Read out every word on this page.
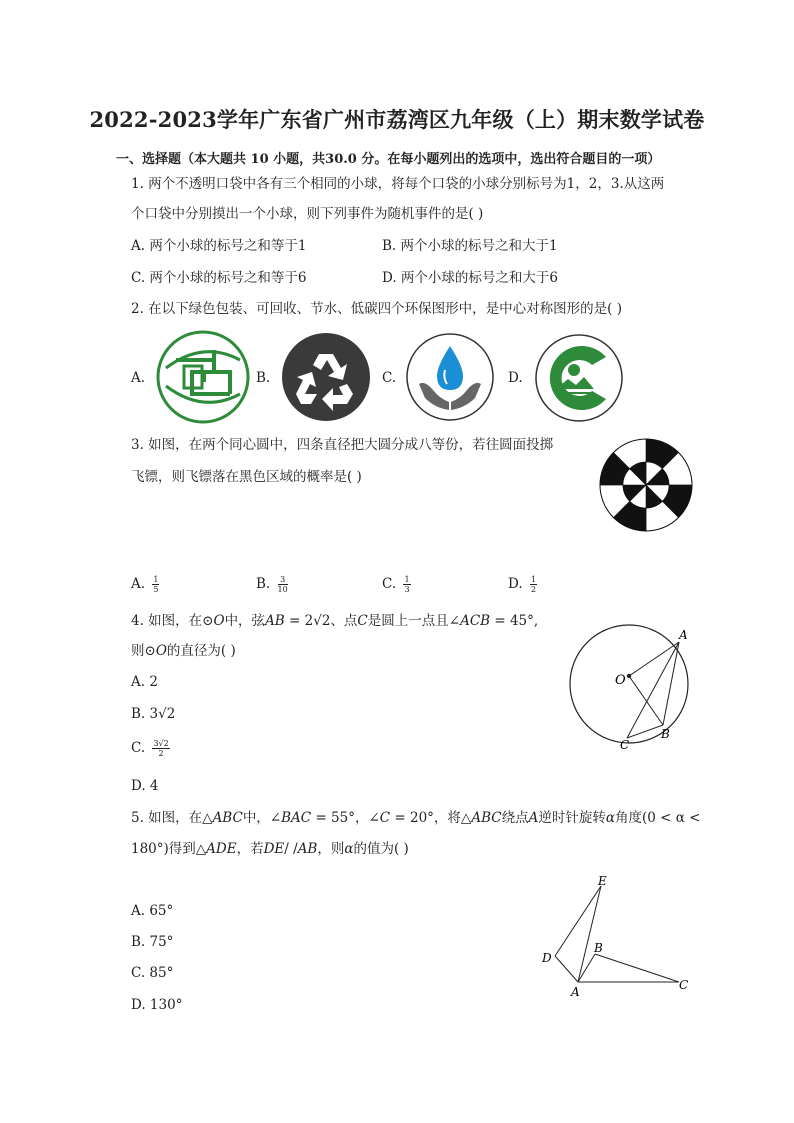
2022-2023学年广东省广州市荔湾区九年级（上）期末数学试卷
一、选择题（本大题共 10 小题，共30.0 分。在每小题列出的选项中，选出符合题目的一项）
1. 两个不透明口袋中各有三个相同的小球，将每个口袋的小球分别标号为1，2，3.从这两
个口袋中分别摸出一个小球，则下列事件为随机事件的是( )
A. 两个小球的标号之和等于1	B. 两个小球的标号之和大于1
C. 两个小球的标号之和等于6	D. 两个小球的标号之和大于6
2. 在以下绿色包装、可回收、节水、低碳四个环保图形中，是中心对称图形的是( )
A.	B.	C.	D.
3. 如图，在两个同心圆中，四条直径把大圆分成八等份，若往圆面投掷
飞镖，则飞镖落在黑色区域的概率是( )
A. $\frac{1}{5}$	B. $\frac{3}{10}$	C. $\frac{1}{3}$	D. $\frac{1}{2}$
4. 如图，在⊙O中，弦AB = 2√2、点C是圆上一点且∠ACB = 45°,
则⊙O的直径为( )
A. 2
B. 3√2
C. $\frac{3√2}{2}$
D. 4
O
A
B
C
5. 如图，在△ABC中，∠BAC = 55°，∠C = 20°，将△ABC绕点A逆时针旋转α角度(0 < α <
180°)得到△ADE，若DE/ /AB，则α的值为( )
A. 65°
B. 75°
C. 85°
D. 130°
E
D
B
A	C
